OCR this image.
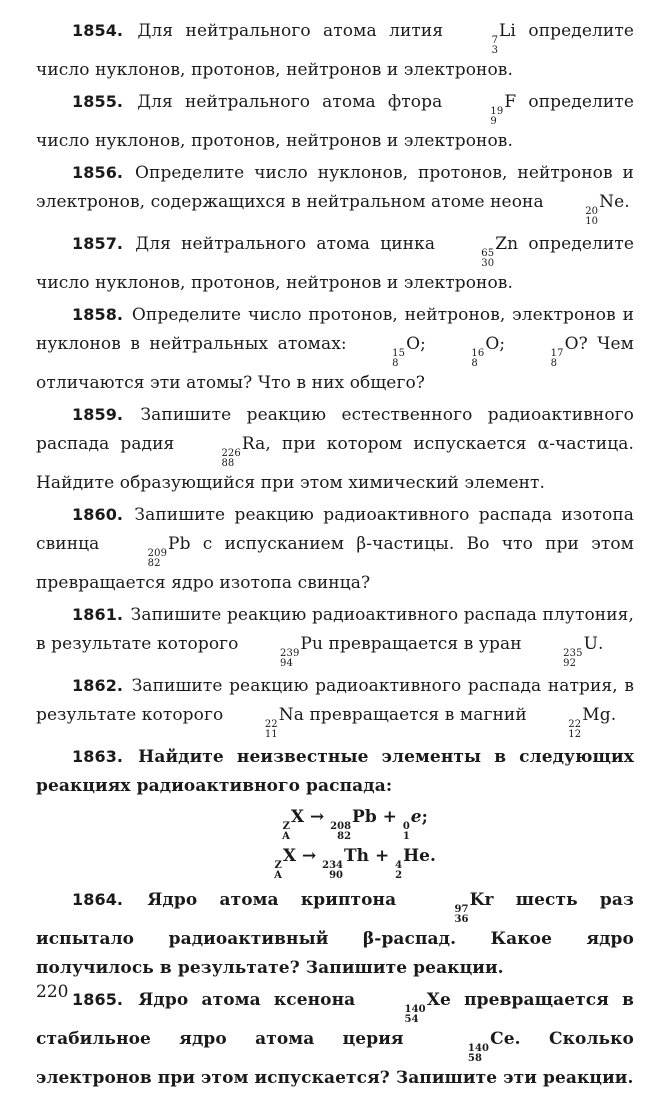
1854. Для нейтрального атома лития	7
3
Li определите число нуклонов, протонов, нейтронов и электронов.

1855. Для нейтрального атома фтора	19
9
F определите число нуклонов, протонов, нейтронов и электронов.

1856. Определите число нуклонов, протонов, нейтронов и электронов, содержащихся в нейтральном атоме неона	20
10
Ne.

1857. Для нейтрального атома цинка	65
30
Zn определите число нуклонов, протонов, нейтронов и электронов.

1858. Определите число протонов, нейтронов, электронов и нуклонов в нейтральных атомах:	15
8
O;	16
8
O;	17
8
O? Чем отличаются эти атомы? Что в них общего?

1859. Запишите реакцию естественного радиоактивного распада радия	226
88
Ra, при котором испускается α-частица. Найдите образующийся при этом химический элемент.

1860. Запишите реакцию радиоактивного распада изотопа свинца	209
82
Pb с испусканием β-частицы. Во что при этом превращается ядро изотопа свинца?

1861. Запишите реакцию радиоактивного распада плутония, в результате которого	239
94
Pu превращается в уран	235
92
U.

1862. Запишите реакцию радиоактивного распада натрия, в результате которого	22
11
Na превращается в магний	22
12
Mg.

1863. Найдите неизвестные элементы в следующих реакциях радиоактивного распада:

Z
A
X → 208
82
Pb + 0
1
e;
Z
A
X → 234
90
Th + 4
2
He.

1864. Ядро атома криптона	97
36
Kr шесть раз испытало радиоактивный β-распад. Какое ядро получилось в результате? Запишите реакции.

1865. Ядро атома ксенона	140
54
Xe превращается в стабильное ядро атома церия	140
58
Ce. Сколько электронов при этом испускается? Запишите эти реакции.

220
